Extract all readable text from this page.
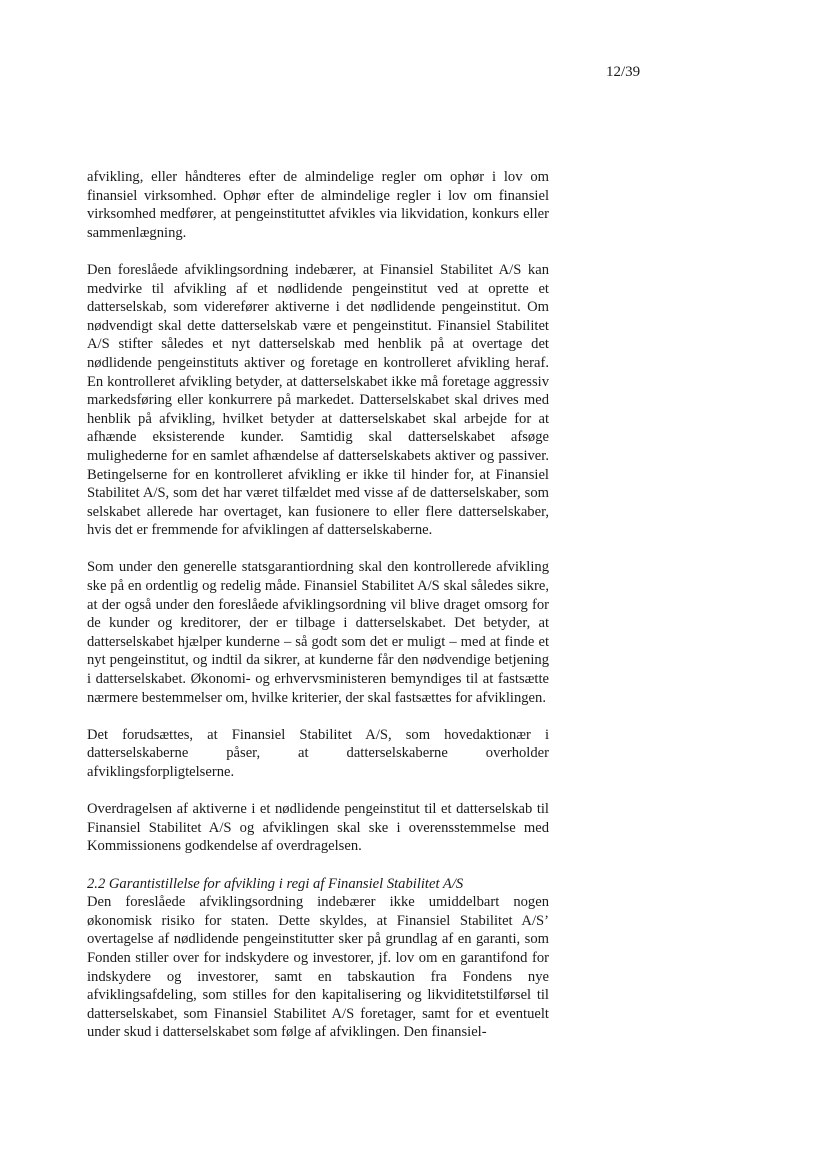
12/39

afvikling, eller håndteres efter de almindelige regler om ophør i lov om finansiel virksomhed. Ophør efter de almindelige regler i lov om finansiel virksomhed medfører, at pengeinstituttet afvikles via likvidation, konkurs eller sammenlægning.

Den foreslåede afviklingsordning indebærer, at Finansiel Stabilitet A/S kan medvirke til afvikling af et nødlidende pengeinstitut ved at oprette et datterselskab, som viderefører aktiverne i det nødlidende pengeinstitut. Om nødvendigt skal dette datterselskab være et pengeinstitut. Finansiel Stabilitet A/S stifter således et nyt datterselskab med henblik på at overtage det nødlidende pengeinstituts aktiver og foretage en kontrolleret afvikling heraf. En kontrolleret afvikling betyder, at datterselskabet ikke må foretage aggressiv markedsføring eller konkurrere på markedet. Datterselskabet skal drives med henblik på afvikling, hvilket betyder at datterselskabet skal arbejde for at afhænde eksisterende kunder. Samtidig skal datterselskabet afsøge mulighederne for en samlet afhændelse af datterselskabets aktiver og passiver. Betingelserne for en kontrolleret afvikling er ikke til hinder for, at Finansiel Stabilitet A/S, som det har været tilfældet med visse af de datterselskaber, som selskabet allerede har overtaget, kan fusionere to eller flere datterselskaber, hvis det er fremmende for afviklingen af datterselskaberne.

Som under den generelle statsgarantiordning skal den kontrollerede afvikling ske på en ordentlig og redelig måde. Finansiel Stabilitet A/S skal således sikre, at der også under den foreslåede afviklingsordning vil blive draget omsorg for de kunder og kreditorer, der er tilbage i datterselskabet. Det betyder, at datterselskabet hjælper kunderne – så godt som det er muligt – med at finde et nyt pengeinstitut, og indtil da sikrer, at kunderne får den nødvendige betjening i datterselskabet. Økonomi- og erhvervsministeren bemyndiges til at fastsætte nærmere bestemmelser om, hvilke kriterier, der skal fastsættes for afviklingen.

Det forudsættes, at Finansiel Stabilitet A/S, som hovedaktionær i datterselskaberne påser, at datterselskaberne overholder afviklingsforpligtelserne.

Overdragelsen af aktiverne i et nødlidende pengeinstitut til et datterselskab til Finansiel Stabilitet A/S og afviklingen skal ske i overensstemmelse med Kommissionens godkendelse af overdragelsen.

2.2 Garantistillelse for afvikling i regi af Finansiel Stabilitet A/S

Den foreslåede afviklingsordning indebærer ikke umiddelbart nogen økonomisk risiko for staten. Dette skyldes, at Finansiel Stabilitet A/S’ overtagelse af nødlidende pengeinstitutter sker på grundlag af en garanti, som Fonden stiller over for indskydere og investorer, jf. lov om en garantifond for indskydere og investorer, samt en tabskaution fra Fondens nye afviklingsafdeling, som stilles for den kapitalisering og likviditetstilførsel til datterselskabet, som Finansiel Stabilitet A/S foretager, samt for et eventuelt under skud i datterselskabet som følge af afviklingen. Den finansiel-
